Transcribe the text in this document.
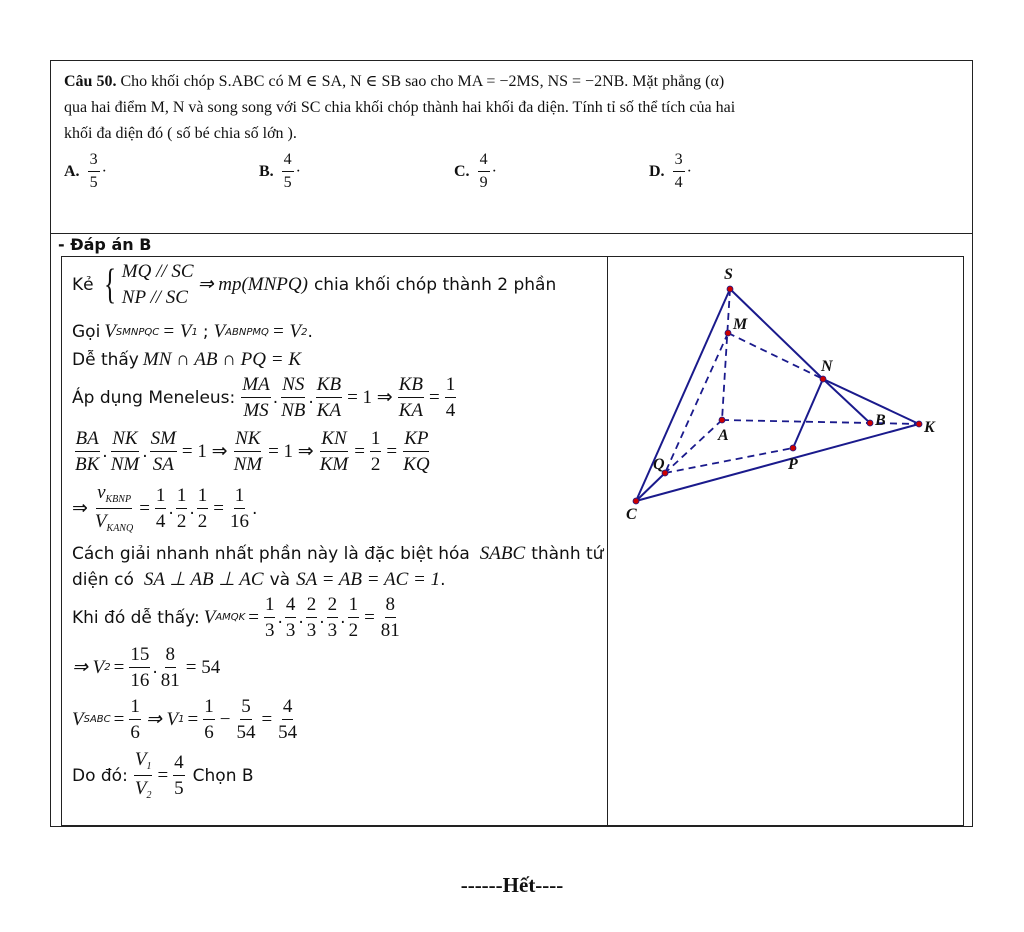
Câu 50. Cho khối chóp S.ABC có M ∈ SA, N ∈ SB sao cho MA = −2MS, NS = −2NB. Mặt phẳng (α)
qua hai điểm M, N và song song với SC chia khối chóp thành hai khối đa diện. Tính tỉ số thể tích của hai
khối đa diện đó ( số bé chia số lớn ).
A. $\frac{3}{5}$ ·	B. $\frac{4}{5}$ ·	C. $\frac{4}{9}$ ·	D. $\frac{3}{4}$ ·
- Đáp án B
Kẻ { MQ // SC
NP // SC
⇒ mp(MNPQ) chia khối chóp thành 2 phần
Gọi V SMNPQC = V 1 ; V ABNPMQ = V 2 .
Dễ thấy MN ∩ AB ∩ PQ = K
Áp dụng Meneleus:
MA
MS
.
NS
NB
. $\frac{KB}{KA} = 1$ ⇒ $\frac{KB}{KA} = \frac{1}{4}$
BA
BK
.
NK
NM
. $\frac{SM}{SA} = 1$ ⇒ $\frac{NK}{NM} = 1$ ⇒ $\frac{KN}{KM} = \frac{1}{2} = \frac{KP}{KQ}$
⇒
$v_{KBNP}$
$V_{KANQ}$
= $\frac{1}{4}$ .
1
2
. $\frac{1}{2} = \frac{1}{16}$ .
Cách giải nhanh nhất phần này là đặc biệt hóa SABC thành tứ
diện có SA ⊥ AB ⊥ AC và SA = AB = AC = 1 .
Khi đó dễ thấy: V AMQK = $\frac{1}{3}$ .
4
3
.
2
3
.
2
3
. $\frac{1}{2} = \frac{8}{81}$
⇒ V $2 = \frac{15}{16}$ . $\frac{8}{81} = 54$
V SABC = $\frac{1}{6}$ ⇒ V $1 = \frac{1}{6} - \frac{5}{54} = \frac{4}{54}$
Do đó: $\frac{V_1}{V_2} = \frac{4}{5}$ Chọn B
S
M
N
A
B K
Q	P
C
------Hết----
